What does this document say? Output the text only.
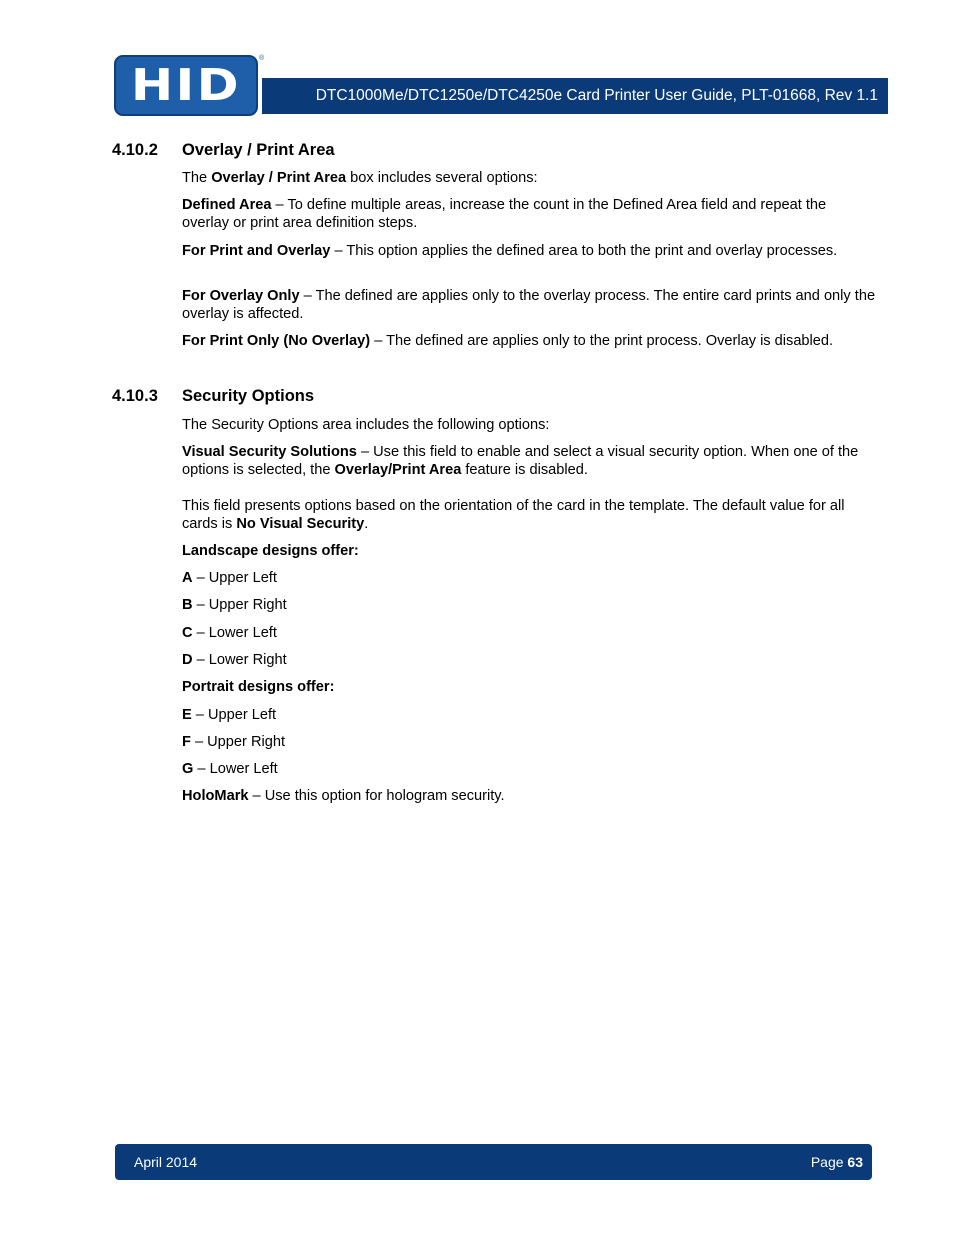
HID
®
DTC1000Me/DTC1250e/DTC4250e Card Printer User Guide, PLT-01668, Rev 1.1
4.10.2	Overlay / Print Area
The Overlay / Print Area box includes several options:
Defined Area – To define multiple areas, increase the count in the Defined Area field and repeat the overlay or print area definition steps.
For Print and Overlay – This option applies the defined area to both the print and overlay processes.
For Overlay Only – The defined are applies only to the overlay process. The entire card prints and only the overlay is affected.
For Print Only (No Overlay) – The defined are applies only to the print process. Overlay is disabled.
4.10.3	Security Options
The Security Options area includes the following options:
Visual Security Solutions – Use this field to enable and select a visual security option. When one of the options is selected, the Overlay/Print Area feature is disabled.
This field presents options based on the orientation of the card in the template. The default value for all cards is No Visual Security.
Landscape designs offer:
A – Upper Left
B – Upper Right
C – Lower Left
D – Lower Right
Portrait designs offer:
E – Upper Left
F – Upper Right
G – Lower Left
HoloMark – Use this option for hologram security.
April 2014	Page 63
